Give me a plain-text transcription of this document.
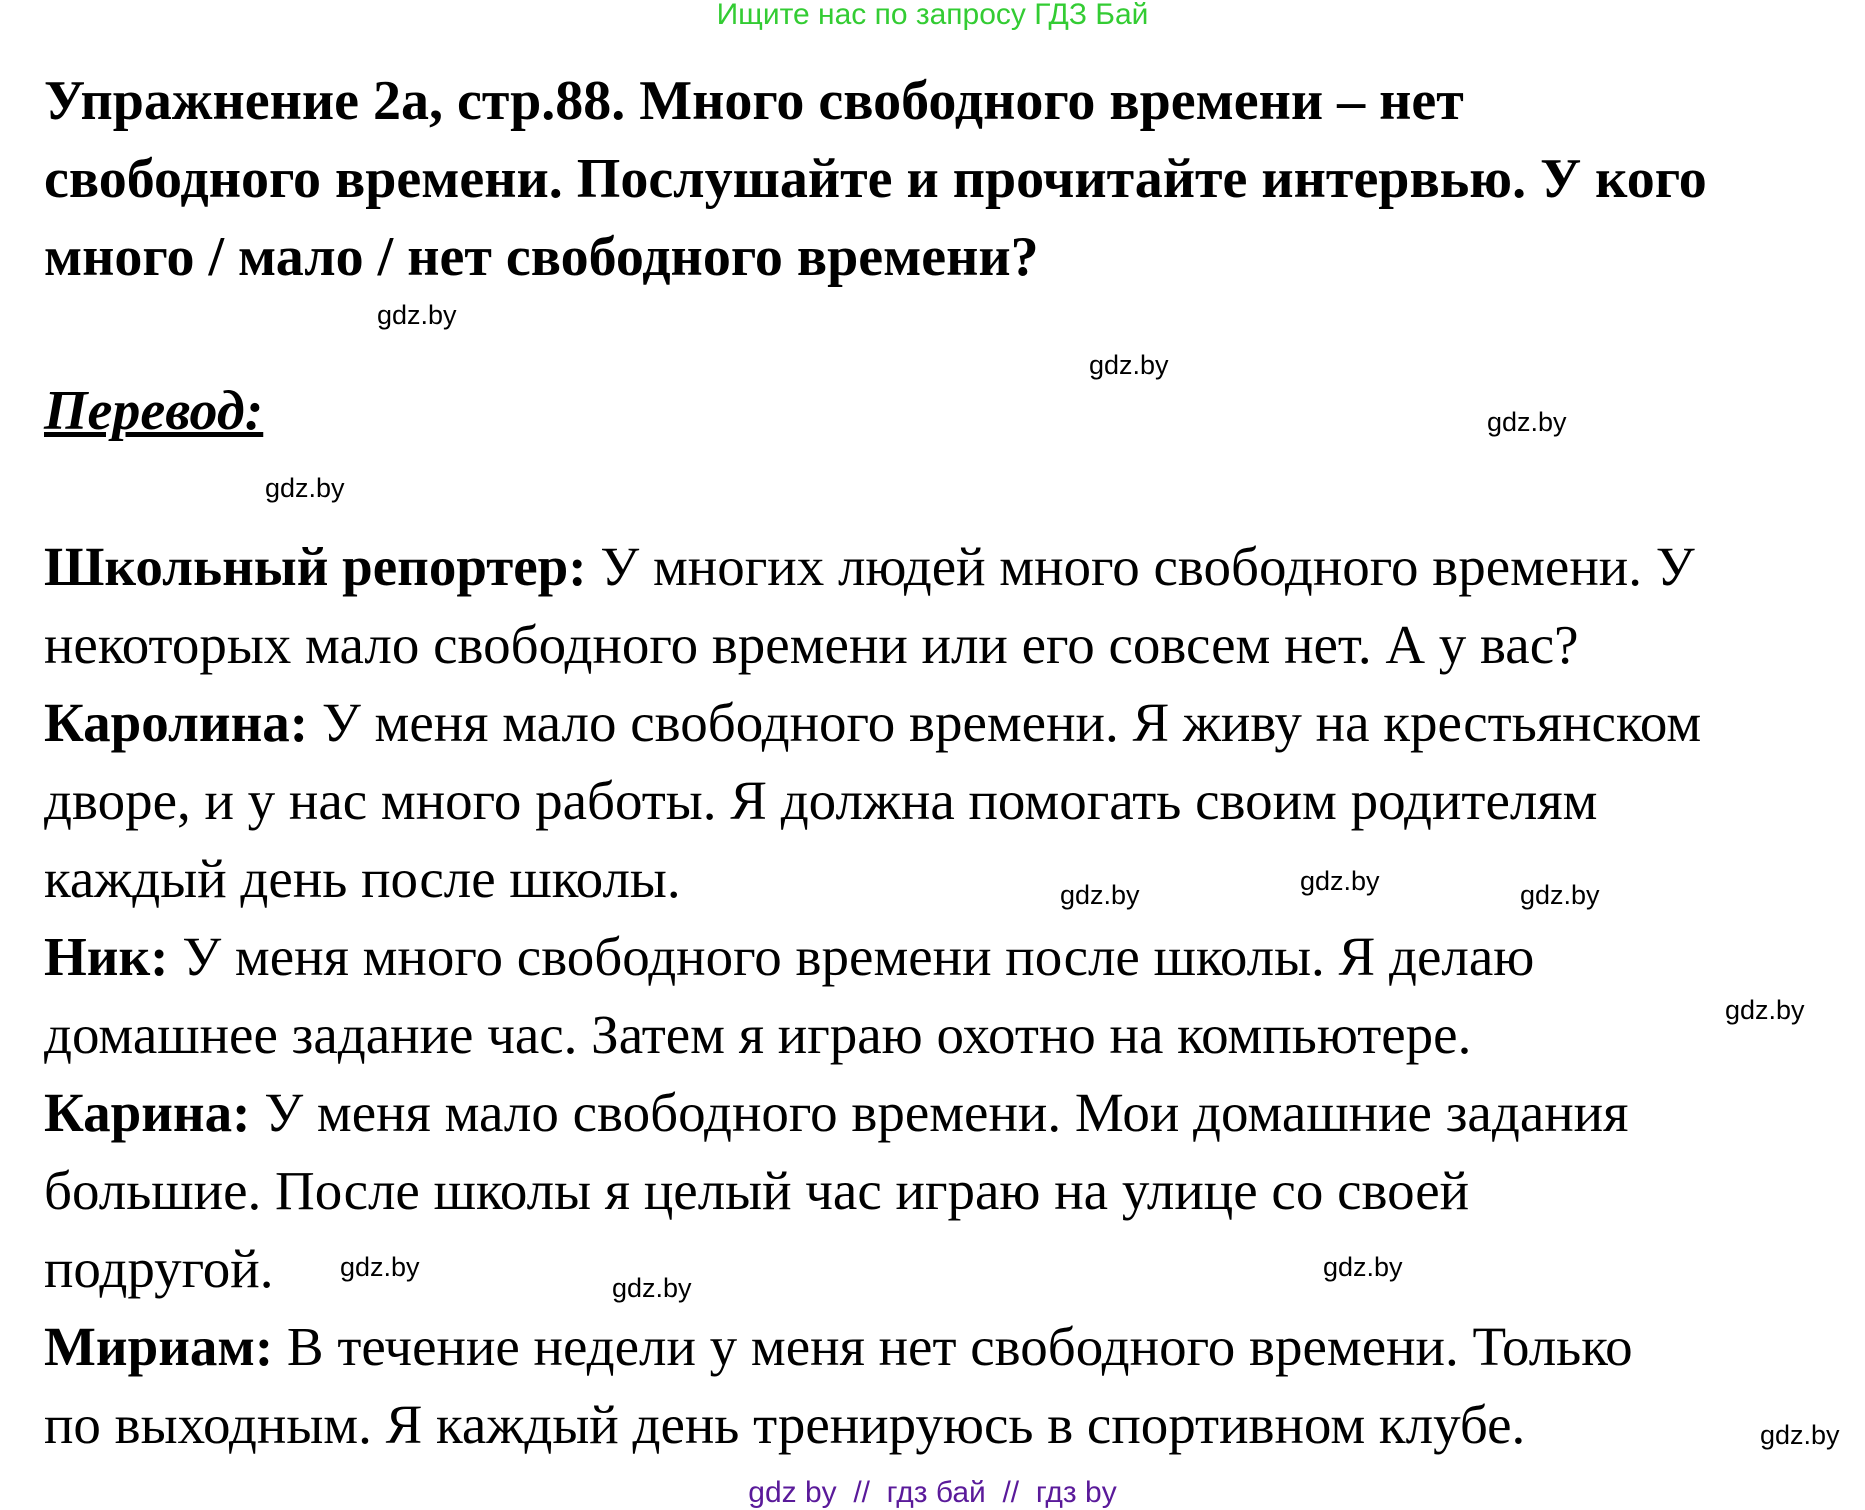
Ищите нас по запросу ГДЗ Бай
Упражнение 2а, стр.88. Много свободного времени – нет
свободного времени. Послушайте и прочитайте интервью. У кого
много / мало / нет свободного времени?
Перевод:
Школьный репортер: У многих людей много свободного времени. У
некоторых мало свободного времени или его совсем нет. А у вас?
Каролина: У меня мало свободного времени. Я живу на крестьянском
дворе, и у нас много работы. Я должна помогать своим родителям
каждый день после школы.
Ник: У меня много свободного времени после школы. Я делаю
домашнее задание час. Затем я играю охотно на компьютере.
Карина: У меня мало свободного времени. Мои домашние задания
большие. После школы я целый час играю на улице со своей
подругой.
Мириам: В течение недели у меня нет свободного времени. Только
по выходным. Я каждый день тренируюсь в спортивном клубе.
gdz.by
gdz.by
gdz.by
gdz.by
gdz.by	gdz.by
gdz.by
gdz.by
gdz.by
gdz.by
gdz.by
gdz.by
gdz by  //  гдз бай  //  гдз by
